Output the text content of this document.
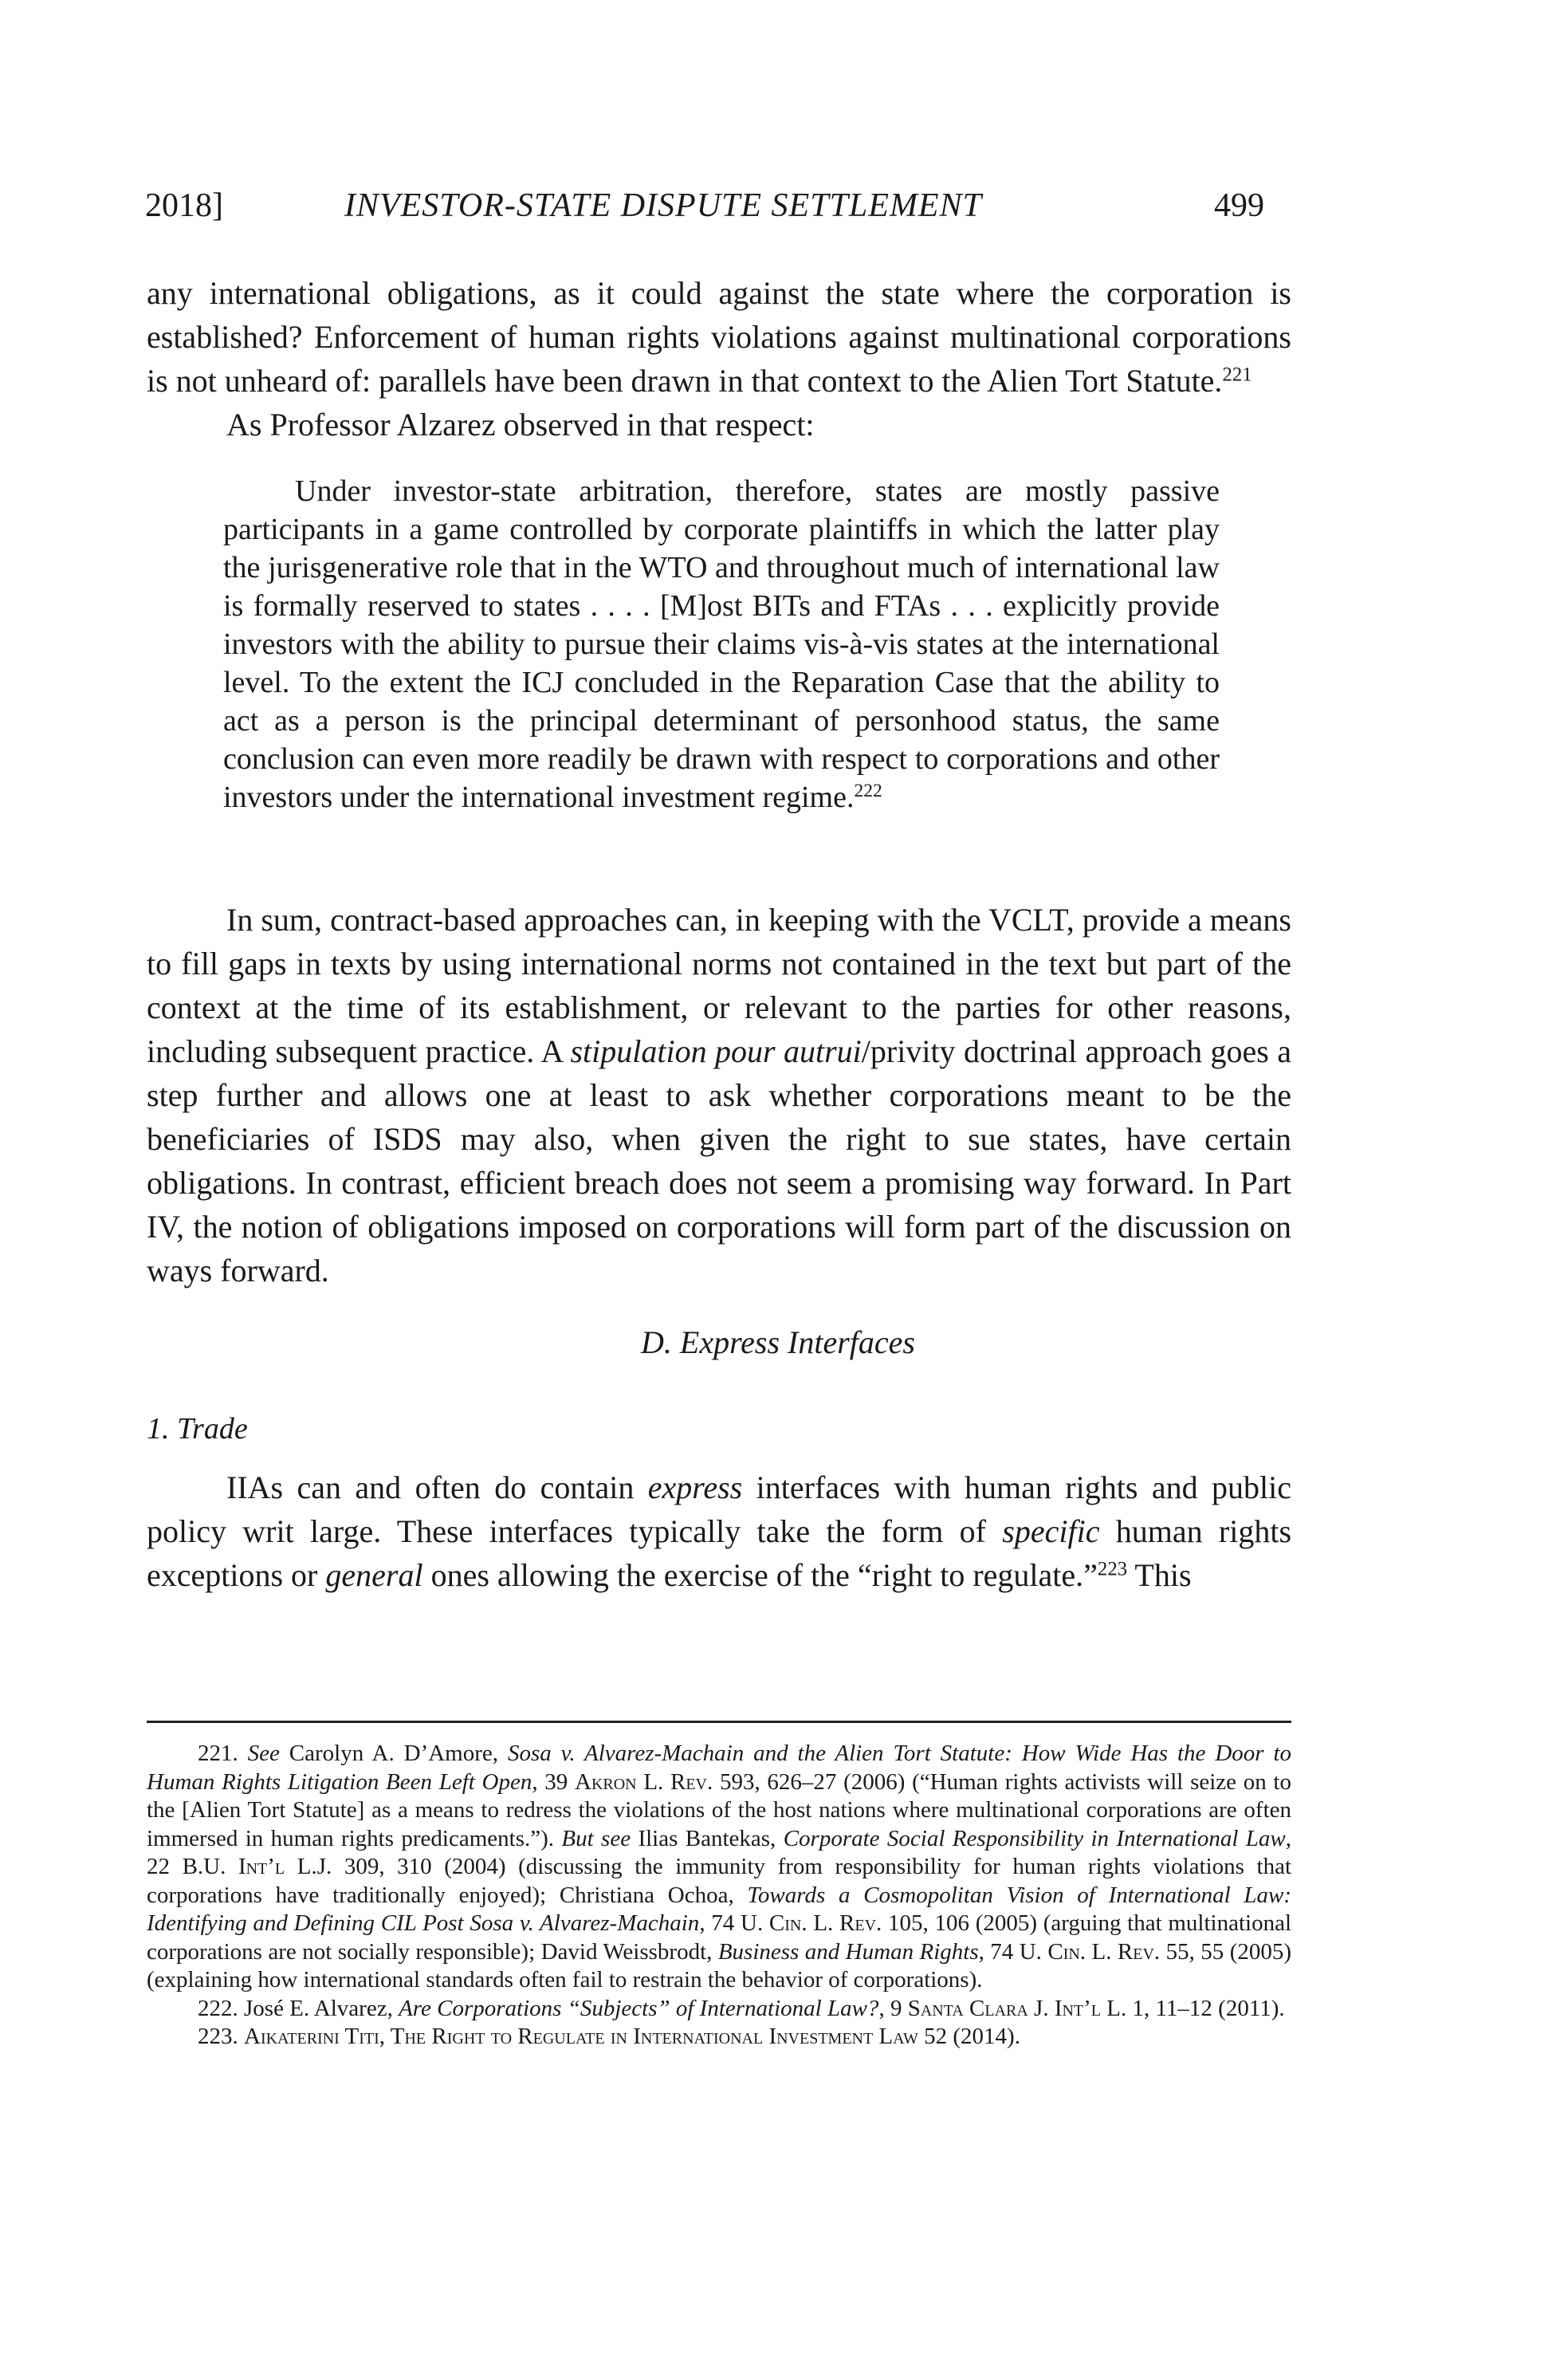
2018]	INVESTOR-STATE DISPUTE SETTLEMENT	499

any international obligations, as it could against the state where the corporation is established? Enforcement of human rights violations against multinational corporations is not unheard of: parallels have been drawn in that context to the Alien Tort Statute.$^{221}$

As Professor Alzarez observed in that respect:

Under investor-state arbitration, therefore, states are mostly passive participants in a game controlled by corporate plaintiffs in which the latter play the jurisgenerative role that in the WTO and throughout much of international law is formally reserved to states . . . . [M]ost BITs and FTAs . . . explicitly provide investors with the ability to pursue their claims vis-à-vis states at the international level. To the extent the ICJ concluded in the Reparation Case that the ability to act as a person is the principal determinant of personhood status, the same conclusion can even more readily be drawn with respect to corporations and other investors under the international investment regime.$^{222}$

In sum, contract-based approaches can, in keeping with the VCLT, provide a means to fill gaps in texts by using international norms not contained in the text but part of the context at the time of its establishment, or relevant to the parties for other reasons, including subsequent practice. A stipulation pour autrui/privity doctrinal approach goes a step further and allows one at least to ask whether corporations meant to be the beneficiaries of ISDS may also, when given the right to sue states, have certain obligations. In contrast, efficient breach does not seem a promising way forward. In Part IV, the notion of obligations imposed on corporations will form part of the discussion on ways forward.

D. Express Interfaces
1. Trade

IIAs can and often do contain express interfaces with human rights and public policy writ large. These interfaces typically take the form of specific human rights exceptions or general ones allowing the exercise of the “right to regulate.”$^{223}$ This

221. See Carolyn A. D’Amore, Sosa v. Alvarez-Machain and the Alien Tort Statute: How Wide Has the Door to Human Rights Litigation Been Left Open, 39 Akron L. Rev. 593, 626–27 (2006) (“Human rights activists will seize on to the [Alien Tort Statute] as a means to redress the violations of the host nations where multinational corporations are often immersed in human rights predicaments.”). But see Ilias Bantekas, Corporate Social Responsibility in International Law, 22 B.U. Int’l L.J. 309, 310 (2004) (discussing the immunity from responsibility for human rights violations that corporations have traditionally enjoyed); Christiana Ochoa, Towards a Cosmopolitan Vision of International Law: Identifying and Defining CIL Post Sosa v. Alvarez-Machain, 74 U. Cin. L. Rev. 105, 106 (2005) (arguing that multinational corporations are not socially responsible); David Weissbrodt, Business and Human Rights, 74 U. Cin. L. Rev. 55, 55 (2005) (explaining how international standards often fail to restrain the behavior of corporations).

222. José E. Alvarez, Are Corporations “Subjects” of International Law?, 9 Santa Clara J. Int’l L. 1, 11–12 (2011).

223. Aikaterini Titi, The Right to Regulate in International Investment Law 52 (2014).
